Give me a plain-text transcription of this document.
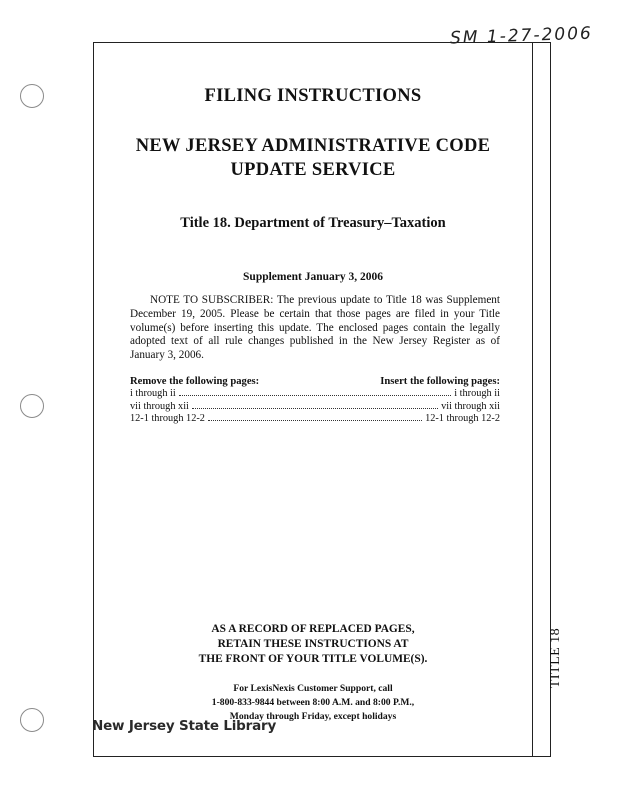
SM 1-27-2006
FILING INSTRUCTIONS
NEW JERSEY ADMINISTRATIVE CODE
UPDATE SERVICE
Title 18. Department of Treasury–Taxation
Supplement January 3, 2006
NOTE TO SUBSCRIBER: The previous update to Title 18 was Supplement December 19, 2005. Please be certain that those pages are filed in your Title volume(s) before inserting this update. The enclosed pages contain the legally adopted text of all rule changes published in the New Jersey Register as of January 3, 2006.
Remove the following pages:	Insert the following pages:
i through ii	i through ii
vii through xii	vii through xii
12-1 through 12-2	12-1 through 12-2
AS A RECORD OF REPLACED PAGES,
RETAIN THESE INSTRUCTIONS AT
THE FRONT OF YOUR TITLE VOLUME(S).
For LexisNexis Customer Support, call
1-800-833-9844 between 8:00 A.M. and 8:00 P.M.,
Monday through Friday, except holidays
New Jersey State Library
TITLE 18
